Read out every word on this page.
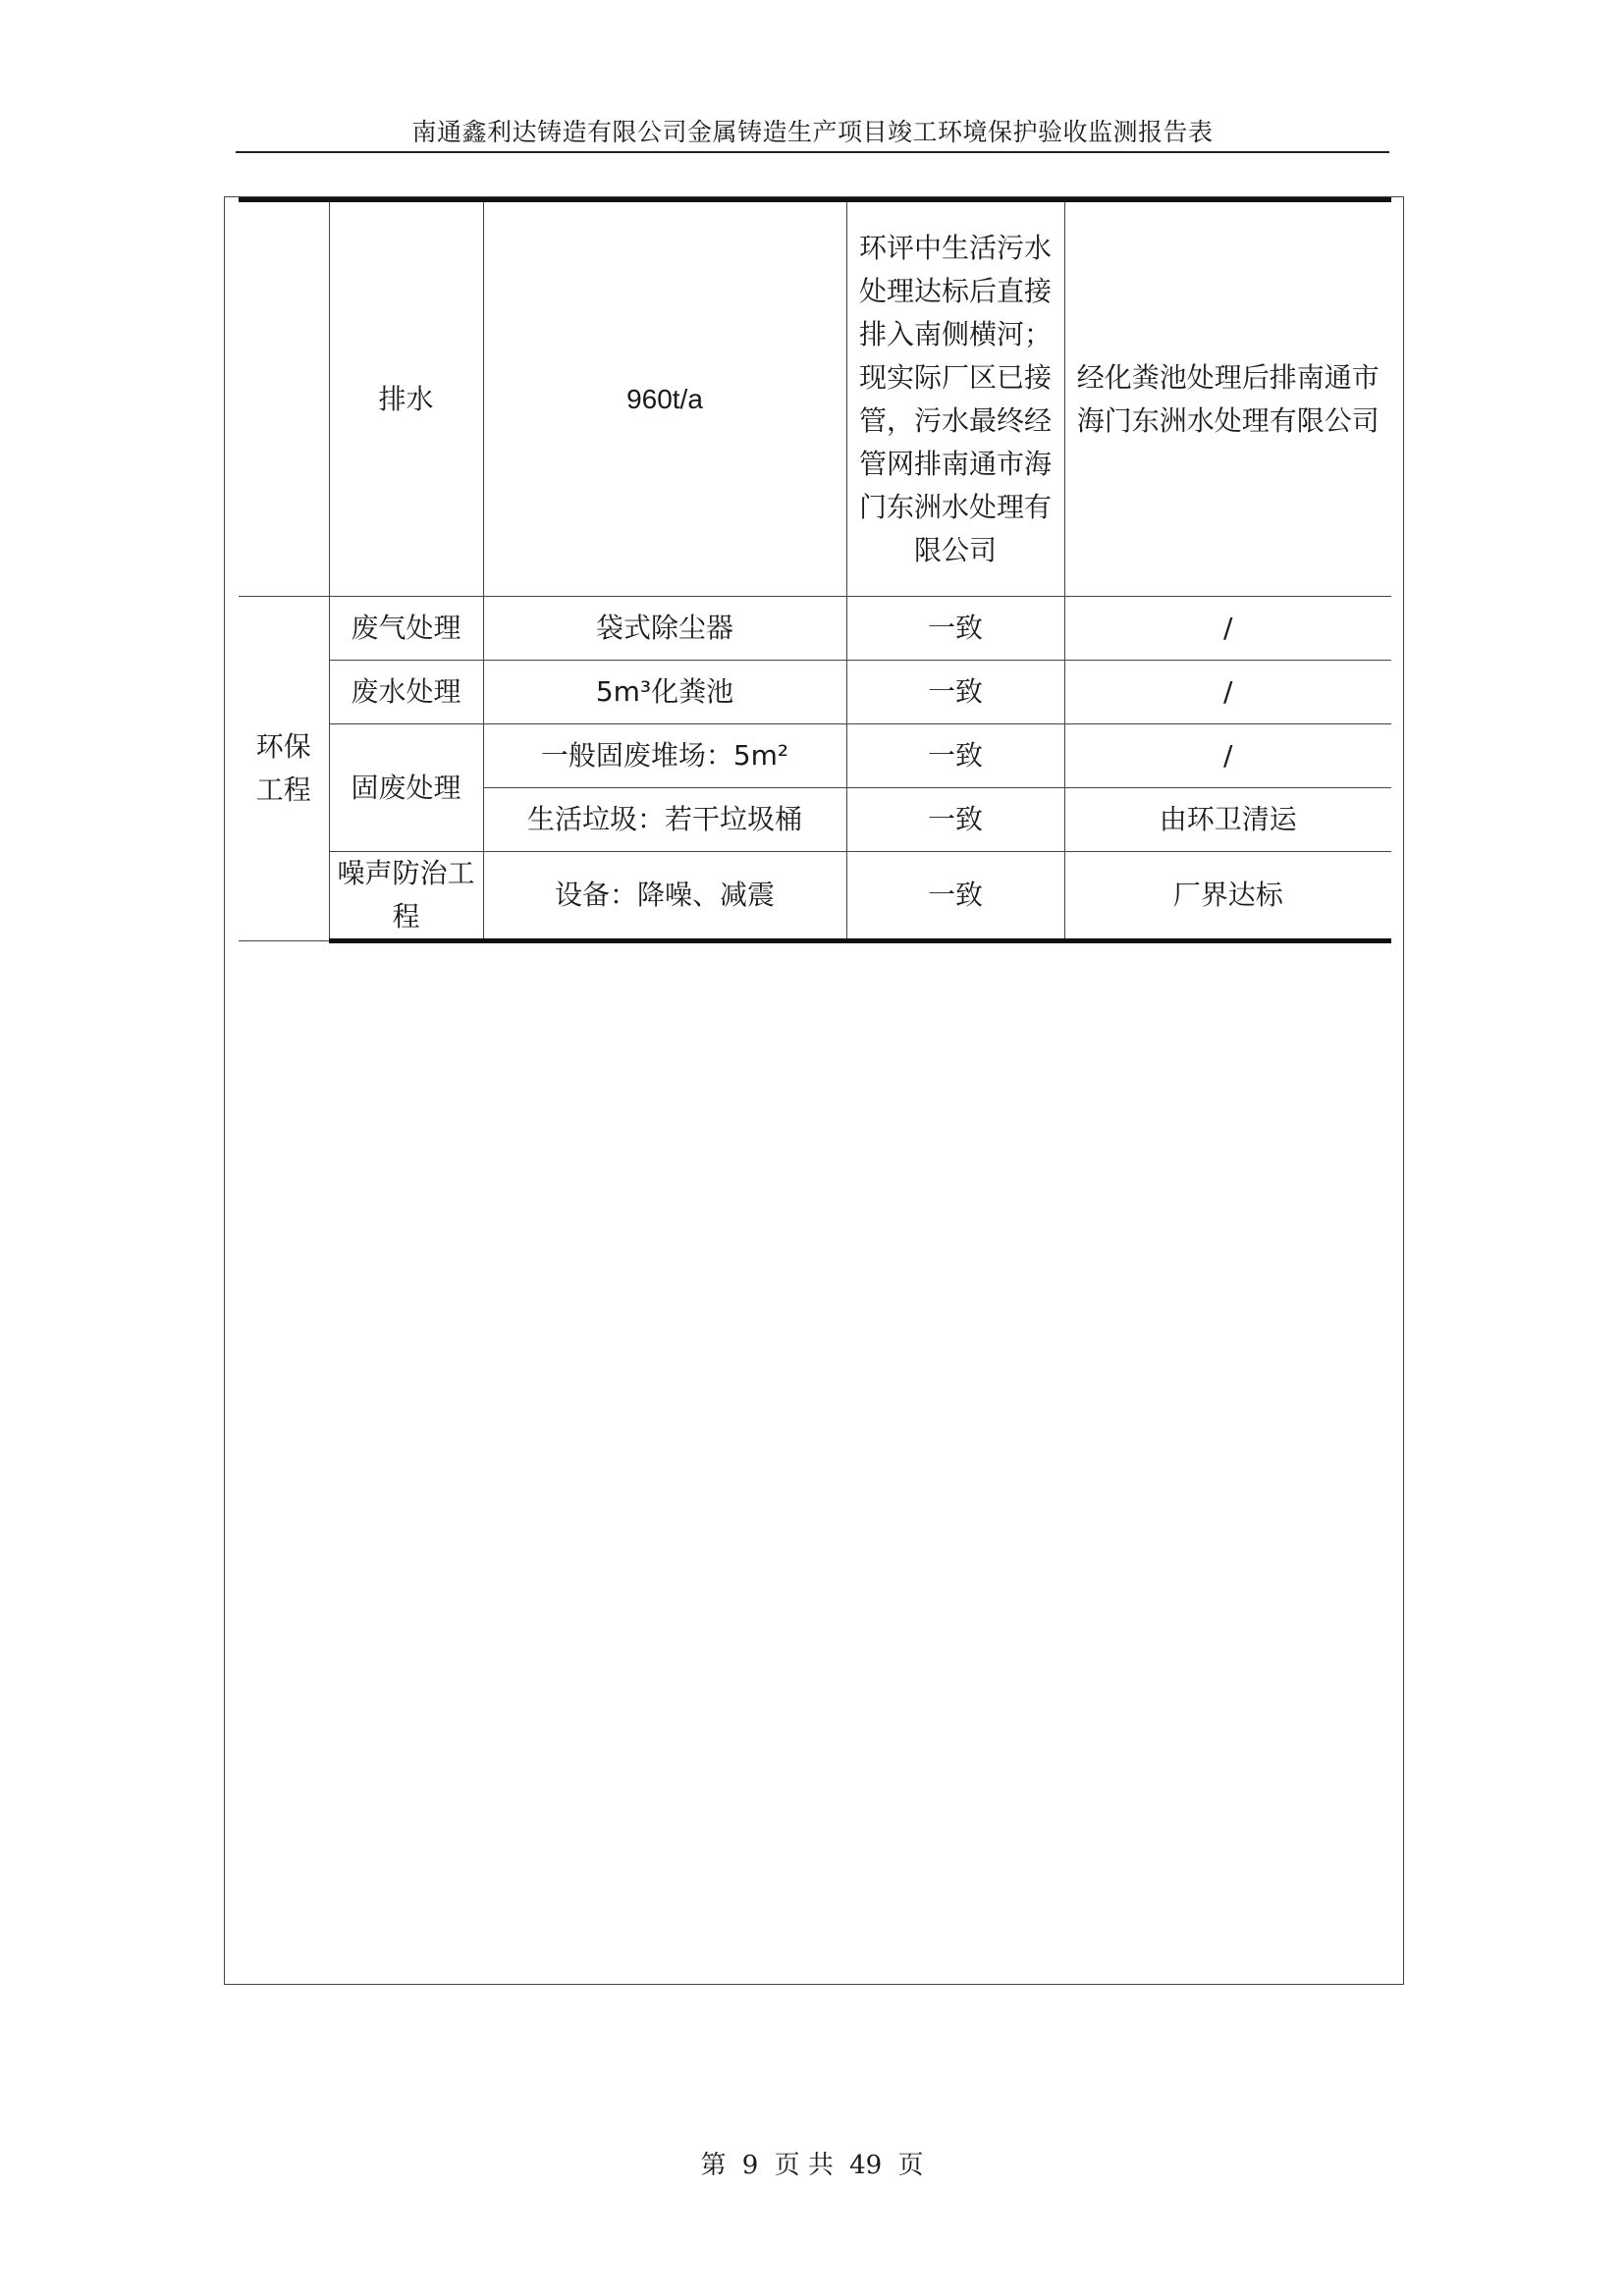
南通鑫利达铸造有限公司金属铸造生产项目竣工环境保护验收监测报告表
	排水	960t/a	环评中生活污水处理达标后直接排入南侧横河；现实际厂区已接管，污水最终经管网排南通市海门东洲水处理有限公司	经化粪池处理后排南通市海门东洲水处理有限公司
环保工程	废气处理	袋式除尘器	一致	/
	废水处理	5m³化粪池	一致	/
	固废处理	一般固废堆场：5m²	一致	/
		生活垃圾：若干垃圾桶	一致	由环卫清运
	噪声防治工程	设备：降噪、减震	一致	厂界达标
第 9 页 共 49 页
